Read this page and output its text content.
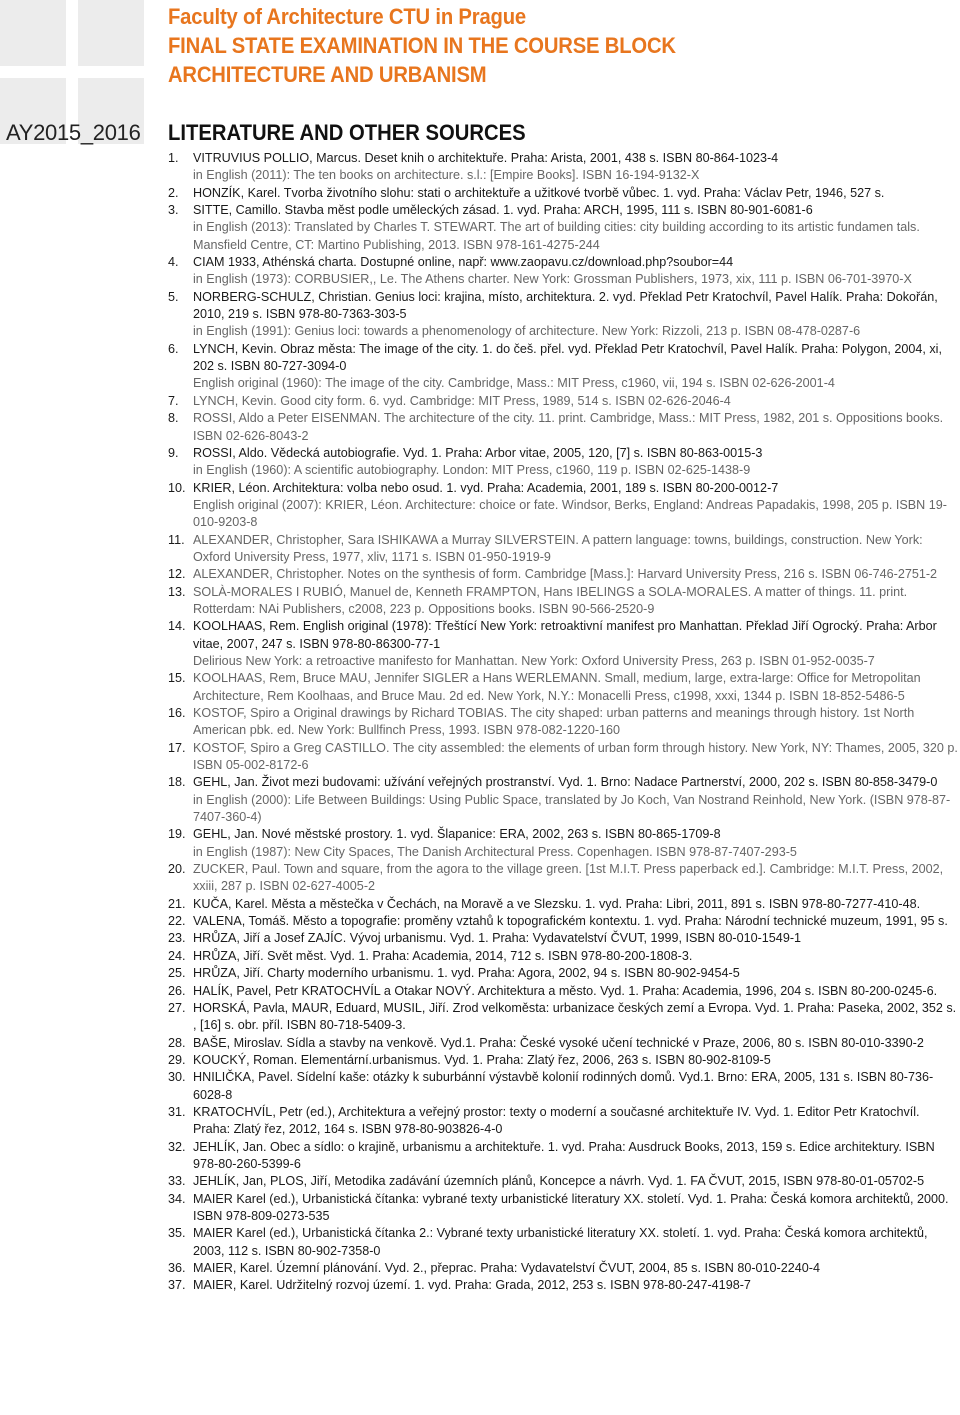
AY2015_2016
Faculty of Architecture CTU in Prague
FINAL STATE EXAMINATION IN THE COURSE BLOCK
ARCHITECTURE AND URBANISM
LITERATURE AND OTHER SOURCES
1. VITRUVIUS POLLIO, Marcus. Deset knih o architektuře. Praha: Arista, 2001, 438 s. ISBN 80-864-1023-4
in English (2011): The ten books on architecture. s.l.: [Empire Books]. ISBN 16-194-9132-X
2. HONZÍK, Karel. Tvorba životního slohu: stati o architektuře a užitkové tvorbě vůbec. 1. vyd. Praha: Václav Petr, 1946, 527 s.
3. SITTE, Camillo. Stavba měst podle uměleckých zásad. 1. vyd. Praha: ARCH, 1995, 111 s. ISBN 80-901-6081-6
in English (2013): Translated by Charles T. STEWART. The art of building cities: city building according to its artistic fundamen tals. Mansfield Centre, CT: Martino Publishing, 2013. ISBN 978-161-4275-244
4. CIAM 1933, Athénská charta. Dostupné online, např: www.zaopavu.cz/download.php?soubor=44
in English (1973): CORBUSIER,, Le. The Athens charter. New York: Grossman Publishers, 1973, xix, 111 p. ISBN 06-701-3970-X
5. NORBERG-SCHULZ, Christian. Genius loci: krajina, místo, architektura. 2. vyd. Překlad Petr Kratochvíl, Pavel Halík. Praha: Dokořán, 2010, 219 s. ISBN 978-80-7363-303-5
in English (1991): Genius loci: towards a phenomenology of architecture. New York: Rizzoli, 213 p. ISBN 08-478-0287-6
6. LYNCH, Kevin. Obraz města: The image of the city. 1. do češ. přel. vyd. Překlad Petr Kratochvíl, Pavel Halík. Praha: Polygon, 2004, xi, 202 s. ISBN 80-727-3094-0
English original (1960): The image of the city. Cambridge, Mass.: MIT Press, c1960, vii, 194 s. ISBN 02-626-2001-4
7. LYNCH, Kevin. Good city form. 6. vyd. Cambridge: MIT Press, 1989, 514 s. ISBN 02-626-2046-4
8. ROSSI, Aldo a Peter EISENMAN. The architecture of the city. 11. print. Cambridge, Mass.: MIT Press, 1982, 201 s. Oppositions books. ISBN 02-626-8043-2
9. ROSSI, Aldo. Vědecká autobiografie. Vyd. 1. Praha: Arbor vitae, 2005, 120, [7] s. ISBN 80-863-0015-3
in English (1960): A scientific autobiography. London: MIT Press, c1960, 119 p. ISBN 02-625-1438-9
10. KRIER, Léon. Architektura: volba nebo osud. 1. vyd. Praha: Academia, 2001, 189 s. ISBN 80-200-0012-7
English original (2007): KRIER, Léon. Architecture: choice or fate. Windsor, Berks, England: Andreas Papadakis, 1998, 205 p. ISBN 19-010-9203-8
11. ALEXANDER, Christopher, Sara ISHIKAWA a Murray SILVERSTEIN. A pattern language: towns, buildings, construction. New York: Oxford University Press, 1977, xliv, 1171 s. ISBN 01-950-1919-9
12. ALEXANDER, Christopher. Notes on the synthesis of form. Cambridge [Mass.]: Harvard University Press, 216 s. ISBN 06-746-2751-2
13. SOLÀ-MORALES I RUBIÓ, Manuel de, Kenneth FRAMPTON, Hans IBELINGS a SOLA-MORALES. A matter of things. 11. print. Rotterdam: NAi Publishers, c2008, 223 p. Oppositions books. ISBN 90-566-2520-9
14. KOOLHAAS, Rem. English original (1978): Třeštící New York: retroaktivní manifest pro Manhattan. Překlad Jiří Ogrocký. Praha: Arbor vitae, 2007, 247 s. ISBN 978-80-86300-77-1
Delirious New York: a retroactive manifesto for Manhattan. New York: Oxford University Press, 263 p. ISBN 01-952-0035-7
15. KOOLHAAS, Rem, Bruce MAU, Jennifer SIGLER a Hans WERLEMANN. Small, medium, large, extra-large: Office for Metropolitan Architecture, Rem Koolhaas, and Bruce Mau. 2d ed. New York, N.Y.: Monacelli Press, c1998, xxxi, 1344 p. ISBN 18-852-5486-5
16. KOSTOF, Spiro a Original drawings by Richard TOBIAS. The city shaped: urban patterns and meanings through history. 1st North American pbk. ed. New York: Bullfinch Press, 1993. ISBN 978-082-1220-160
17. KOSTOF, Spiro a Greg CASTILLO. The city assembled: the elements of urban form through history. New York, NY: Thames, 2005, 320 p. ISBN 05-002-8172-6
18. GEHL, Jan. Život mezi budovami: užívání veřejných prostranství. Vyd. 1. Brno: Nadace Partnerství, 2000, 202 s. ISBN 80-858-3479-0
in English (2000): Life Between Buildings: Using Public Space, translated by Jo Koch, Van Nostrand Reinhold, New York. (ISBN 978-87-7407-360-4)
19. GEHL, Jan. Nové městské prostory. 1. vyd. Šlapanice: ERA, 2002, 263 s. ISBN 80-865-1709-8
in English (1987): New City Spaces, The Danish Architectural Press. Copenhagen. ISBN 978-87-7407-293-5
20. ZUCKER, Paul. Town and square, from the agora to the village green. [1st M.I.T. Press paperback ed.]. Cambridge: M.I.T. Press, 2002, xxiii, 287 p. ISBN 02-627-4005-2
21. KUČA, Karel. Města a městečka v Čechách, na Moravě a ve Slezsku. 1. vyd. Praha: Libri, 2011, 891 s. ISBN 978-80-7277-410-48.
22. VALENA, Tomáš. Město a topografie: proměny vztahů k topografickém kontextu. 1. vyd. Praha: Národní technické muzeum, 1991, 95 s.
23. HRŮZA, Jiří a Josef ZAJÍC. Vývoj urbanismu. Vyd. 1. Praha: Vydavatelství ČVUT, 1999, ISBN 80-010-1549-1
24. HRŮZA, Jiří. Svět měst. Vyd. 1. Praha: Academia, 2014, 712 s. ISBN 978-80-200-1808-3.
25. HRŮZA, Jiří. Charty moderního urbanismu. 1. vyd. Praha: Agora, 2002, 94 s. ISBN 80-902-9454-5
26. HALÍK, Pavel, Petr KRATOCHVÍL a Otakar NOVÝ. Architektura a město. Vyd. 1. Praha: Academia, 1996, 204 s. ISBN 80-200-0245-6.
27. HORSKÁ, Pavla, MAUR, Eduard, MUSIL, Jiří. Zrod velkoměsta: urbanizace českých zemí a Evropa. Vyd. 1. Praha: Paseka, 2002, 352 s. , [16] s. obr. příl. ISBN 80-718-5409-3.
28. BAŠE, Miroslav. Sídla a stavby na venkově. Vyd.1. Praha: České vysoké učení technické v Praze, 2006, 80 s. ISBN 80-010-3390-2
29. KOUCKÝ, Roman. Elementární.urbanismus. Vyd. 1. Praha: Zlatý řez, 2006, 263 s. ISBN 80-902-8109-5
30. HNILIČKA, Pavel. Sídelní kaše: otázky k suburbánní výstavbě kolonií rodinných domů. Vyd.1. Brno: ERA, 2005, 131 s. ISBN 80-736-6028-8
31. KRATOCHVÍL, Petr (ed.), Architektura a veřejný prostor: texty o moderní a současné architektuře IV. Vyd. 1. Editor Petr Kratochvíl. Praha: Zlatý řez, 2012, 164 s. ISBN 978-80-903826-4-0
32. JEHLÍK, Jan. Obec a sídlo: o krajině, urbanismu a architektuře. 1. vyd. Praha: Ausdruck Books, 2013, 159 s. Edice architektury. ISBN 978-80-260-5399-6
33. JEHLÍK, Jan, PLOS, Jiří, Metodika zadávání územních plánů, Koncepce a návrh. Vyd. 1. FA ČVUT, 2015, ISBN 978-80-01-05702-5
34. MAIER Karel (ed.), Urbanistická čítanka: vybrané texty urbanistické literatury XX. století. Vyd. 1. Praha: Česká komora architektů, 2000. ISBN 978-809-0273-535
35. MAIER Karel (ed.), Urbanistická čítanka 2.: Vybrané texty urbanistické literatury XX. století. 1. vyd. Praha: Česká komora architektů, 2003, 112 s. ISBN 80-902-7358-0
36. MAIER, Karel. Územní plánování. Vyd. 2., přeprac. Praha: Vydavatelství ČVUT, 2004, 85 s. ISBN 80-010-2240-4
37. MAIER, Karel. Udržitelný rozvoj území. 1. vyd. Praha: Grada, 2012, 253 s. ISBN 978-80-247-4198-7
